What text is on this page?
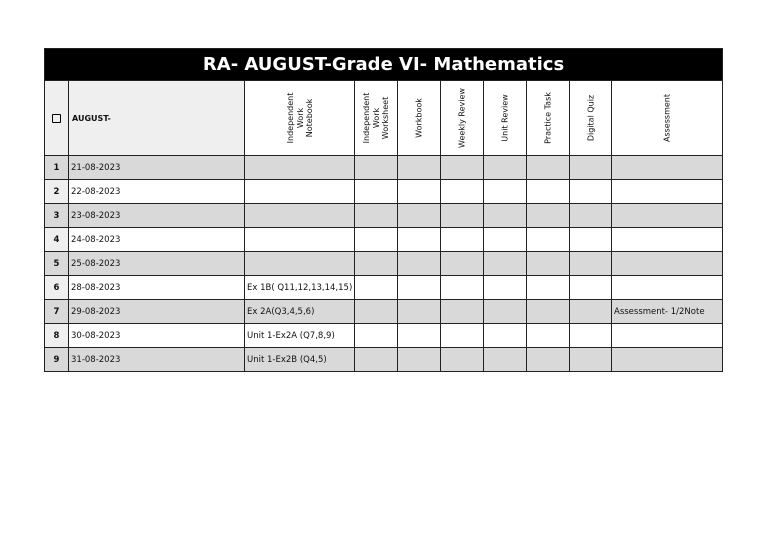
RA- AUGUST-Grade VI- Mathematics									

	AUGUST-	Independent
Work
Notebook	Independent
Work
Worksheet	Workbook	Weekly Review	Unit Review	Practice Task	Digital Quiz	Assessment

1	21-08-2023								
2	22-08-2023								
3	23-08-2023								
4	24-08-2023								
5	25-08-2023								
6	28-08-2023	Ex 1B( Q11,12,13,14,15)							
7	29-08-2023	Ex 2A(Q3,4,5,6)							Assessment- 1/2Note
8	30-08-2023	Unit 1-Ex2A (Q7,8,9)							
9	31-08-2023	Unit 1-Ex2B (Q4,5)							
